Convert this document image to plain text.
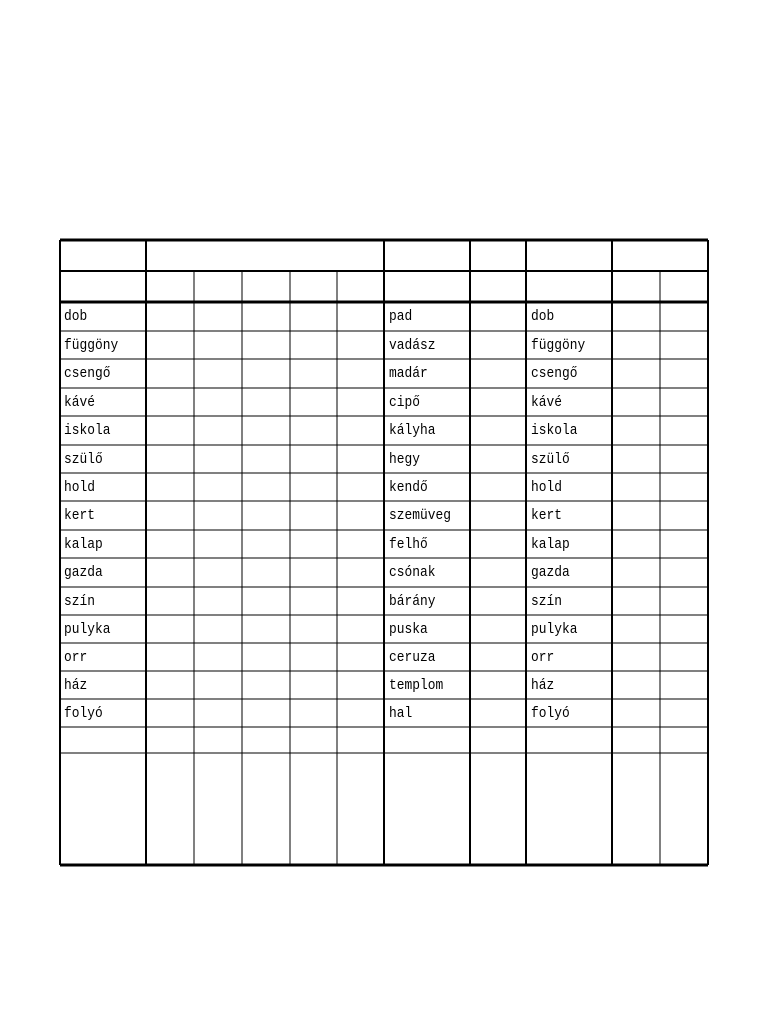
dob
függöny
csengő
kávé
iskola
szülő
hold
kert
kalap
gazda
szín
pulyka
orr
ház
folyó
pad
vadász
madár
cipő
kályha
hegy
kendő
szemüveg
felhő
csónak
bárány
puska
ceruza
templom
hal
dob
függöny
csengő
kávé
iskola
szülő
hold
kert
kalap
gazda
szín
pulyka
orr
ház
folyó
